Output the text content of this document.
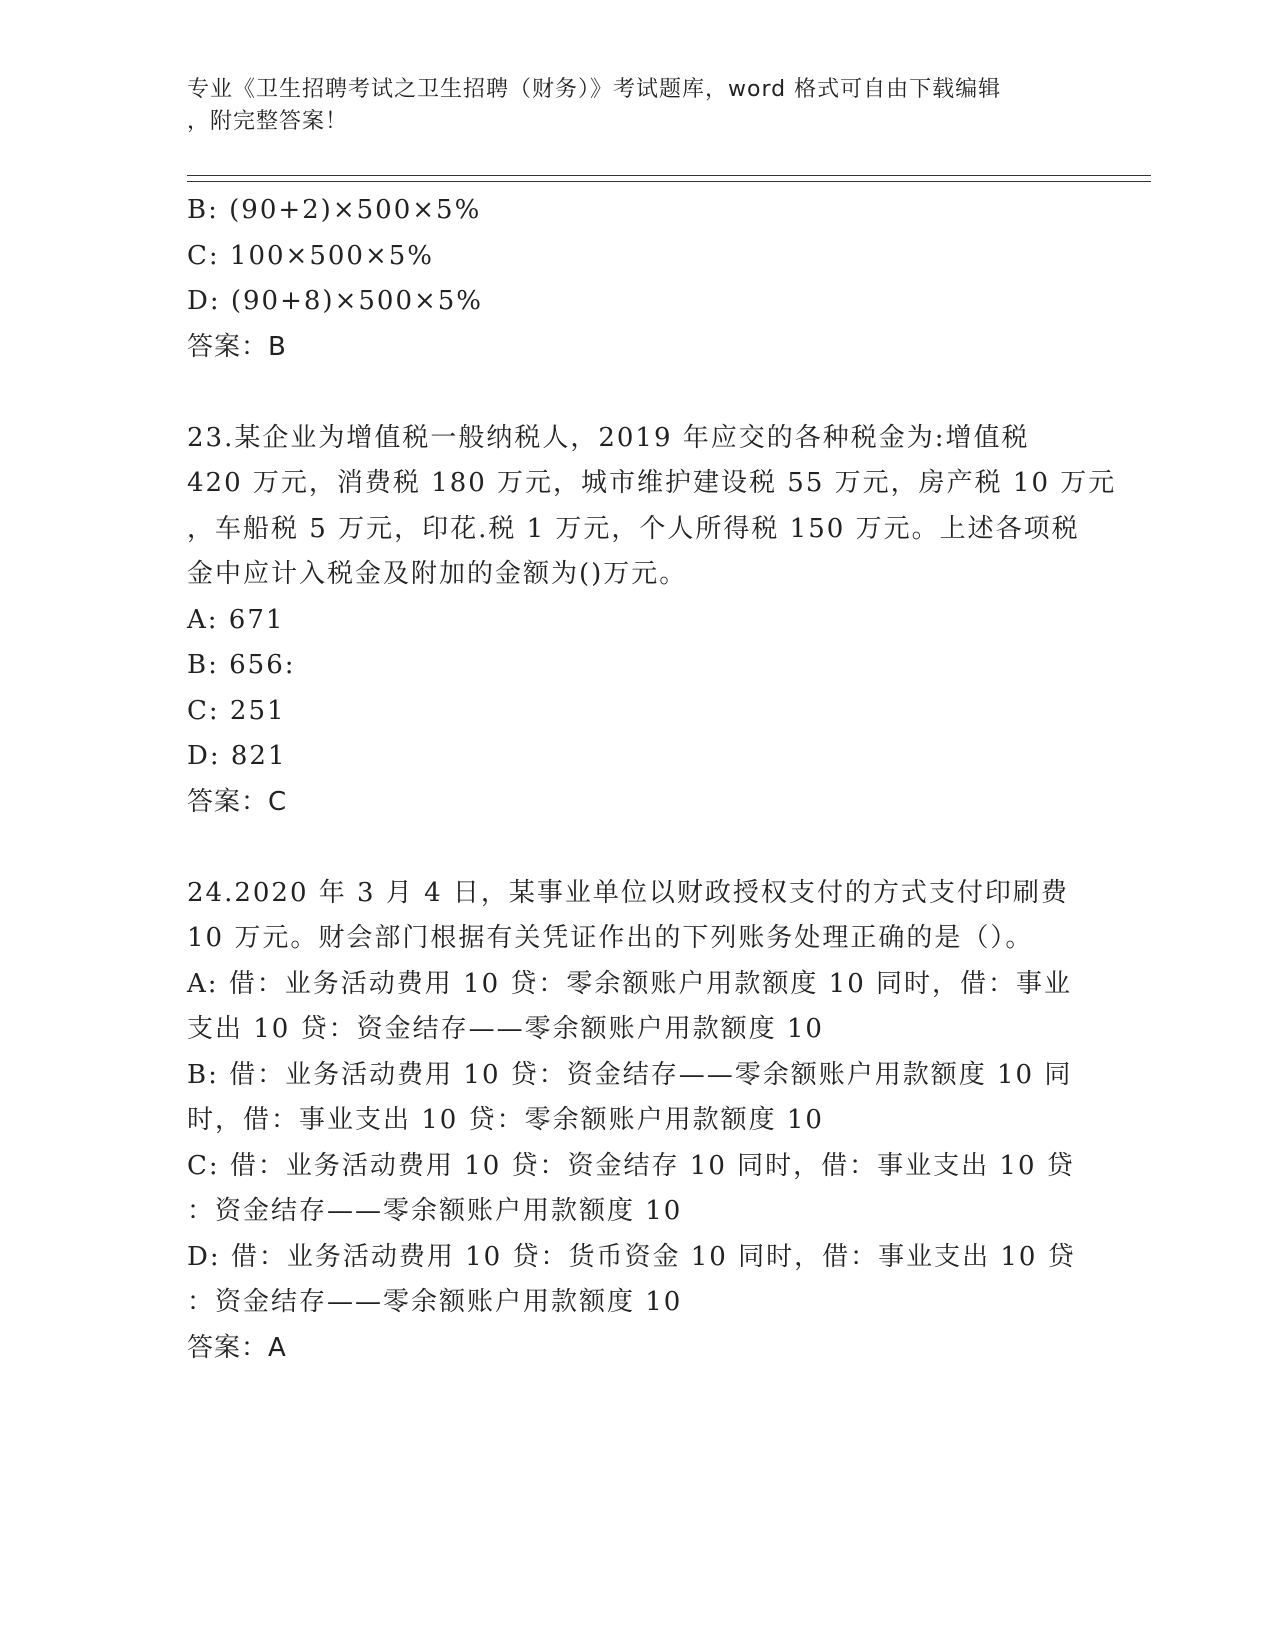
专业《卫生招聘考试之卫生招聘（财务）》考试题库，word 格式可自由下载编辑
，附完整答案！
B: (90+2)×500×5%
C: 100×500×5%
D: (90+8)×500×5%
答案：B
23.某企业为增值税一般纳税人，2019 年应交的各种税金为:增值税
420 万元，消费税 180 万元，城市维护建设税 55 万元，房产税 10 万元
，车船税 5 万元，印花.税 1 万元，个人所得税 150 万元。上述各项税
金中应计入税金及附加的金额为()万元。
A: 671
B: 656:
C: 251
D: 821
答案：C
24.2020 年 3 月 4 日，某事业单位以财政授权支付的方式支付印刷费
10 万元。财会部门根据有关凭证作出的下列账务处理正确的是（）。
A: 借：业务活动费用 10 贷：零余额账户用款额度 10 同时，借：事业
支出 10 贷：资金结存——零余额账户用款额度 10
B: 借：业务活动费用 10 贷：资金结存——零余额账户用款额度 10 同
时，借：事业支出 10 贷：零余额账户用款额度 10
C: 借：业务活动费用 10 贷：资金结存 10 同时，借：事业支出 10 贷
：资金结存——零余额账户用款额度 10
D: 借：业务活动费用 10 贷：货币资金 10 同时，借：事业支出 10 贷
：资金结存——零余额账户用款额度 10
答案：A
